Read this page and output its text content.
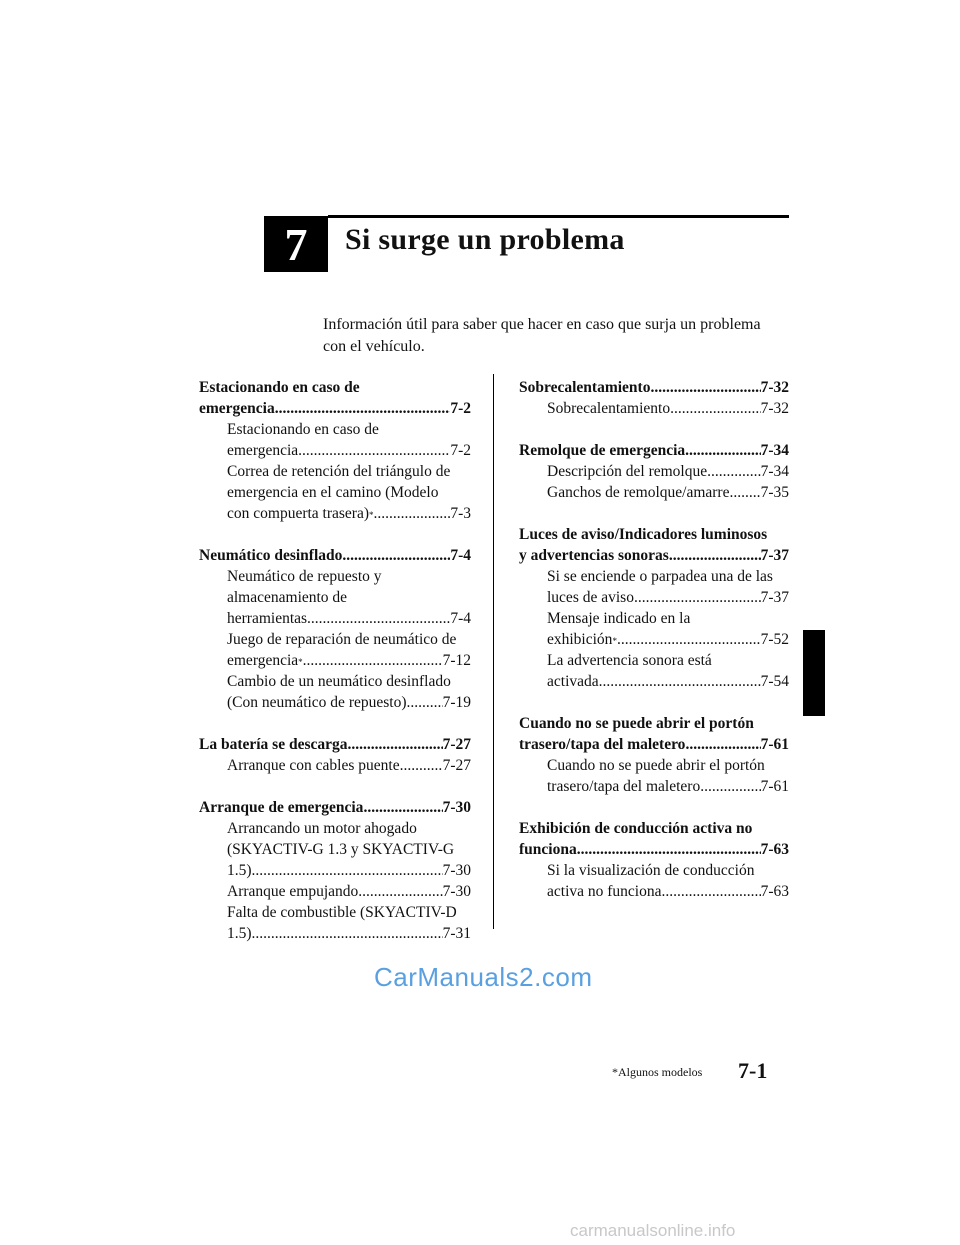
7 Si surge un problema
Información útil para saber que hacer en caso que surja un problema con el vehículo.
Estacionando en caso de
emergencia .....	7-2
Estacionando en caso de
emergencia .....	7-2
Correa de retención del triángulo de
emergencia en el camino (Modelo
con compuerta trasera) * .....	7-3
Neumático desinflado .....	7-4
Neumático de repuesto y
almacenamiento de
herramientas .....	7-4
Juego de reparación de neumático de
emergencia * .....	7-12
Cambio de un neumático desinflado
(Con neumático de repuesto) ..... 7-19
La batería se descarga .....	7-27
Arranque con cables puente .....	7-27
Arranque de emergencia .....	7-30
Arrancando un motor ahogado
(SKYACTIV-G 1.3 y SKYACTIV-G
1.5) .....	7-30
Arranque empujando .....	7-30
Falta de combustible (SKYACTIV-D
1.5) .....	7-31
Sobrecalentamiento .....	7-32
Sobrecalentamiento .....	7-32
Remolque de emergencia .....	7-34
Descripción del remolque .....	7-34
Ganchos de remolque/amarre ..... 7-35
Luces de aviso/Indicadores luminosos
y advertencias sonoras .....	7-37
Si se enciende o parpadea una de las
luces de aviso .....	7-37
Mensaje indicado en la
exhibición * .....	7-52
La advertencia sonora está
activada .....	7-54
Cuando no se puede abrir el portón
trasero/tapa del maletero .....	7-61
Cuando no se puede abrir el portón
trasero/tapa del maletero .....	7-61
Exhibición de conducción activa no
funciona .....	7-63
Si la visualización de conducción
activa no funciona .....	7-63
*Algunos modelos 7-1
CarManuals2.com
carmanualsonline.info
